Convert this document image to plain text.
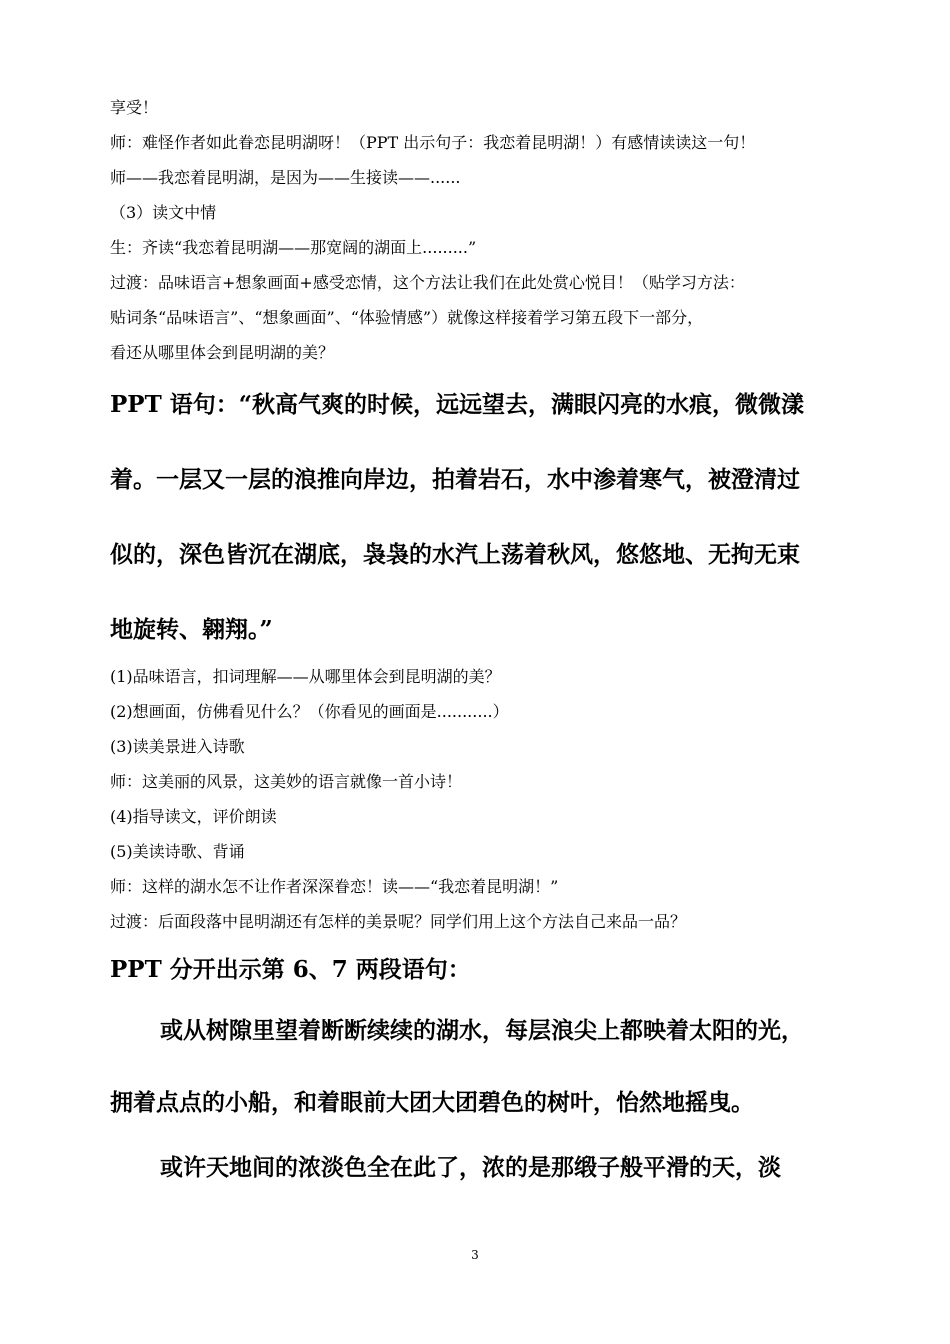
享受！
师：难怪作者如此眷恋昆明湖呀！（PPT 出示句子：我恋着昆明湖！）有感情读读这一句！
师——我恋着昆明湖，是因为——生接读——......
（3）读文中情
生：齐读“我恋着昆明湖——那宽阔的湖面上.........”
过渡：品味语言+想象画面+感受恋情，这个方法让我们在此处赏心悦目！（贴学习方法：
贴词条“品味语言”、“想象画面”、“体验情感”）就像这样接着学习第五段下一部分，
看还从哪里体会到昆明湖的美？
PPT 语句：“秋高气爽的时候，远远望去，满眼闪亮的水痕，微微漾
着。一层又一层的浪推向岸边，拍着岩石，水中渗着寒气，被澄清过
似的，深色皆沉在湖底，袅袅的水汽上荡着秋风，悠悠地、无拘无束
地旋转、翱翔。”
(1)品味语言，扣词理解——从哪里体会到昆明湖的美？
(2)想画面，仿佛看见什么？（你看见的画面是...........）
(3)读美景进入诗歌
师：这美丽的风景，这美妙的语言就像一首小诗！
(4)指导读文，评价朗读
(5)美读诗歌、背诵
师：这样的湖水怎不让作者深深眷恋！读——“我恋着昆明湖！”
过渡：后面段落中昆明湖还有怎样的美景呢？同学们用上这个方法自己来品一品？
PPT 分开出示第 6、7 两段语句：
或从树隙里望着断断续续的湖水，每层浪尖上都映着太阳的光，
拥着点点的小船，和着眼前大团大团碧色的树叶，怡然地摇曳。
或许天地间的浓淡色全在此了，浓的是那缎子般平滑的天，淡
3
